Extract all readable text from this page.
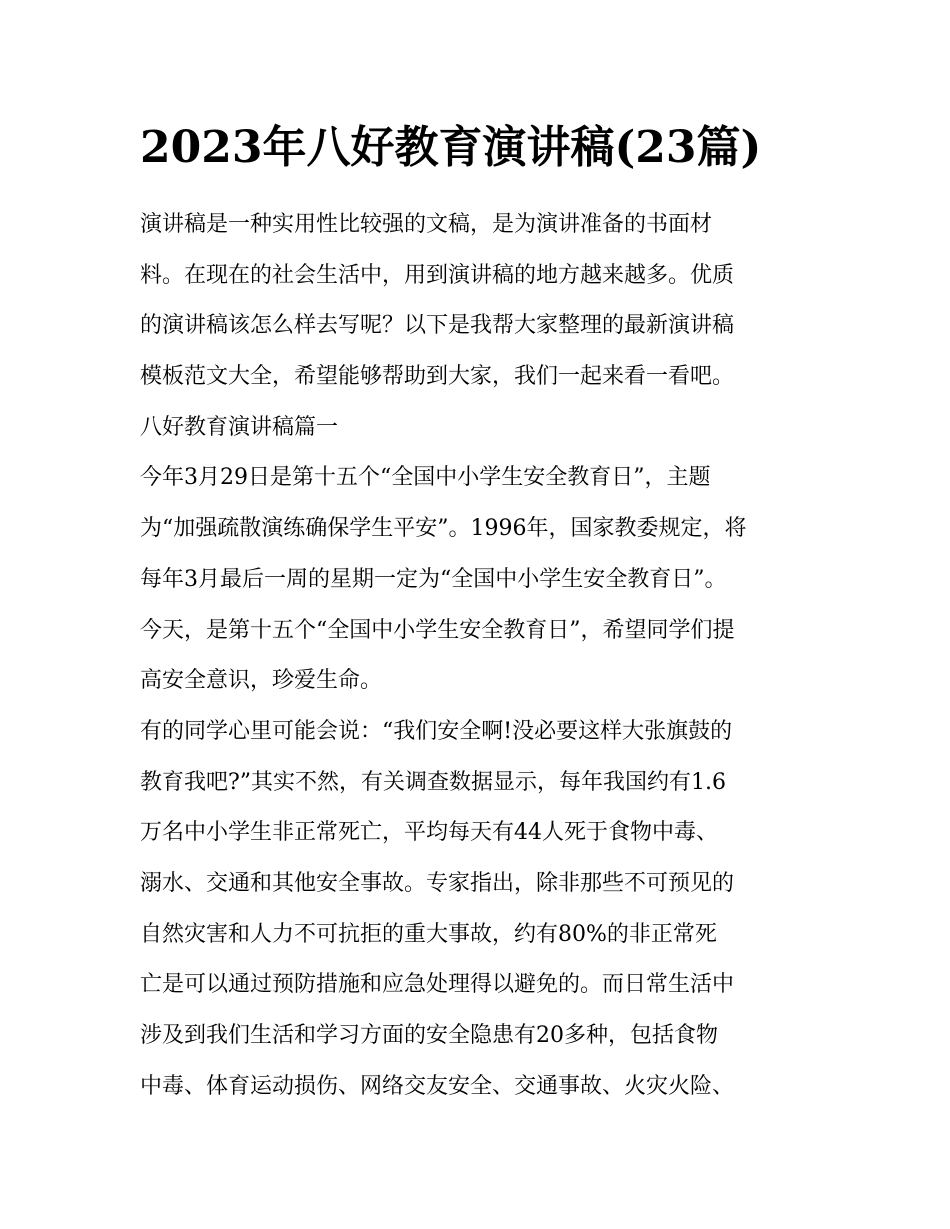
2023年八好教育演讲稿(23篇)
演讲稿是一种实用性比较强的文稿，是为演讲准备的书面材
料。在现在的社会生活中，用到演讲稿的地方越来越多。优质
的演讲稿该怎么样去写呢？以下是我帮大家整理的最新演讲稿
模板范文大全，希望能够帮助到大家，我们一起来看一看吧。
八好教育演讲稿篇一
今年3月29日是第十五个“全国中小学生安全教育日”，主题
为“加强疏散演练确保学生平安”。1996年，国家教委规定，将
每年3月最后一周的星期一定为“全国中小学生安全教育日”。
今天，是第十五个“全国中小学生安全教育日”，希望同学们提
高安全意识，珍爱生命。
有的同学心里可能会说：“我们安全啊!没必要这样大张旗鼓的
教育我吧?”其实不然，有关调查数据显示，每年我国约有1.6
万名中小学生非正常死亡，平均每天有44人死于食物中毒、
溺水、交通和其他安全事故。专家指出，除非那些不可预见的
自然灾害和人力不可抗拒的重大事故，约有80%的非正常死
亡是可以通过预防措施和应急处理得以避免的。而日常生活中
涉及到我们生活和学习方面的安全隐患有20多种，包括食物
中毒、体育运动损伤、网络交友安全、交通事故、火灾火险、
